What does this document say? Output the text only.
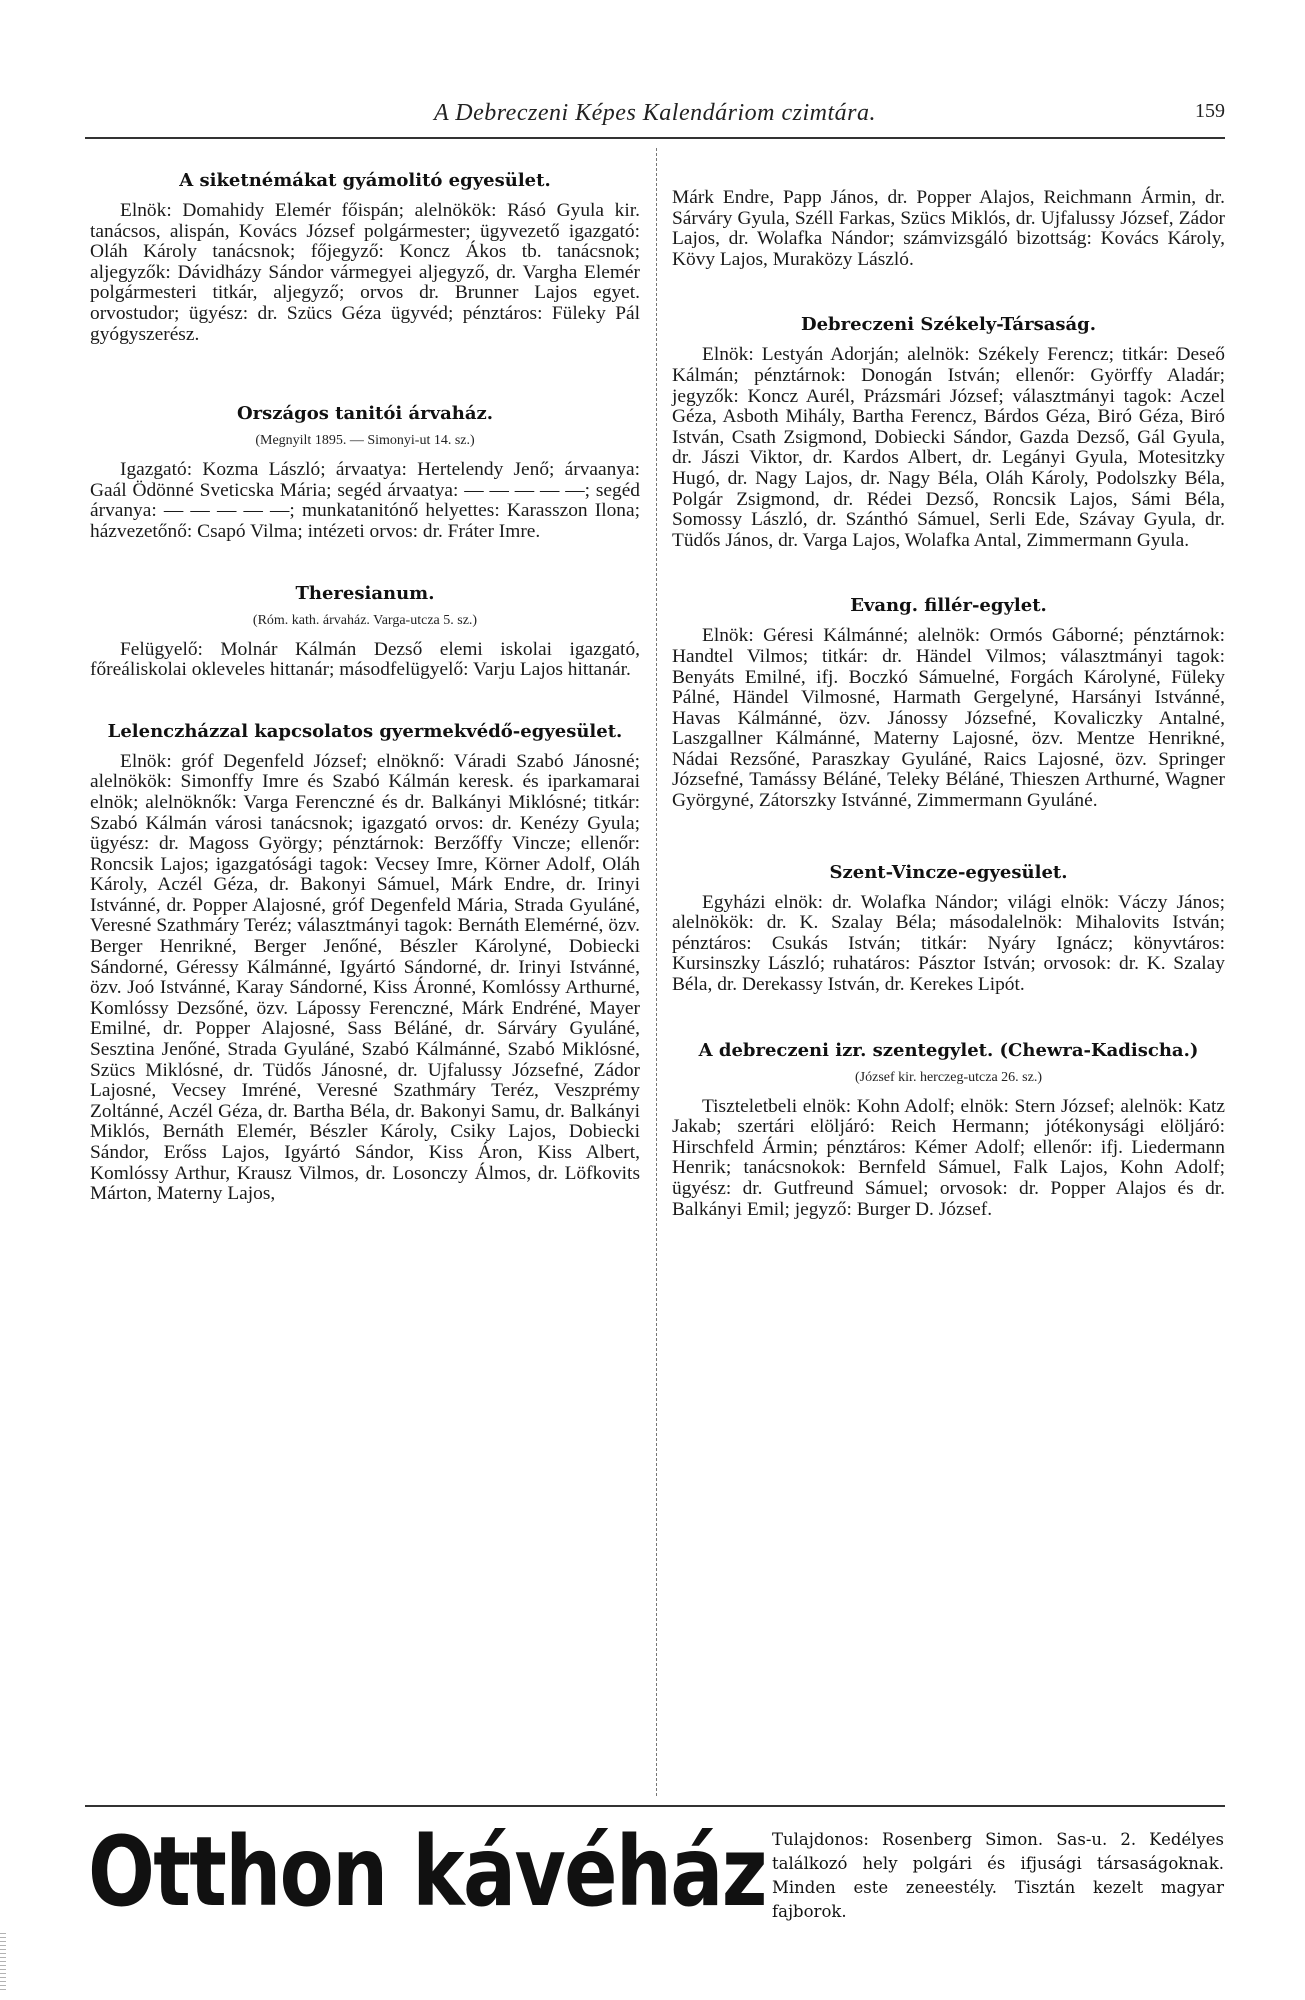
A Debreczeni Képes Kalendáriom czimtára.	159
A siketnémákat gyámolitó egyesület.

Elnök: Domahidy Elemér főispán; alelnökök: Rásó Gyula kir. tanácsos, alispán, Kovács József polgármester; ügyvezető igazgató: Oláh Károly tanácsnok; főjegyző: Koncz Ákos tb. tanácsnok; aljegyzők: Dávidházy Sándor vármegyei aljegyző, dr. Vargha Elemér polgármesteri titkár, aljegyző; orvos dr. Brunner Lajos egyet. orvostudor; ügyész: dr. Szücs Géza ügyvéd; pénztáros: Füleky Pál gyógyszerész.

Országos tanitói árvaház.
(Megnyilt 1895. — Simonyi-ut 14. sz.)

Igazgató: Kozma László; árvaatya: Hertelendy Jenő; árvaanya: Gaál Ödönné Sveticska Mária; segéd árvaatya: — — — — —; segéd árvanya: — — — — —; munkatanitónő helyettes: Karasszon Ilona; házvezetőnő: Csapó Vilma; intézeti orvos: dr. Fráter Imre.

Theresianum.
(Róm. kath. árvaház. Varga-utcza 5. sz.)

Felügyelő: Molnár Kálmán Dezső elemi iskolai igazgató, főreáliskolai okleveles hittanár; másodfelügyelő: Varju Lajos hittanár.

Lelenczházzal kapcsolatos gyermekvédő-egyesület.

Elnök: gróf Degenfeld József; elnöknő: Váradi Szabó Jánosné; alelnökök: Simonffy Imre és Szabó Kálmán keresk. és iparkamarai elnök; alelnöknők: Varga Ferenczné és dr. Balkányi Miklósné; titkár: Szabó Kálmán városi tanácsnok; igazgató orvos: dr. Kenézy Gyula; ügyész: dr. Magoss György; pénztárnok: Berzőffy Vincze; ellenőr: Roncsik Lajos; igazgatósági tagok: Vecsey Imre, Körner Adolf, Oláh Károly, Aczél Géza, dr. Bakonyi Sámuel, Márk Endre, dr. Irinyi Istvánné, dr. Popper Alajosné, gróf Degenfeld Mária, Strada Gyuláné, Veresné Szathmáry Teréz; választmányi tagok: Bernáth Elemérné, özv. Berger Henrikné, Berger Jenőné, Bészler Károlyné, Dobiecki Sándorné, Géressy Kálmánné, Igyártó Sándorné, dr. Irinyi Istvánné, özv. Joó Istvánné, Karay Sándorné, Kiss Áronné, Komlóssy Arthurné, Komlóssy Dezsőné, özv. Lápossy Ferenczné, Márk Endréné, Mayer Emilné, dr. Popper Alajosné, Sass Béláné, dr. Sárváry Gyuláné, Sesztina Jenőné, Strada Gyuláné, Szabó Kálmánné, Szabó Miklósné, Szücs Miklósné, dr. Tüdős Jánosné, dr. Ujfalussy Józsefné, Zádor Lajosné, Vecsey Imréné, Veresné Szathmáry Teréz, Veszprémy Zoltánné, Aczél Géza, dr. Bartha Béla, dr. Bakonyi Samu, dr. Balkányi Miklós, Bernáth Elemér, Bészler Károly, Csiky Lajos, Dobiecki Sándor, Erőss Lajos, Igyártó Sándor, Kiss Áron, Kiss Albert, Komlóssy Arthur, Krausz Vilmos, dr. Losonczy Álmos, dr. Löfkovits Márton, Materny Lajos,

Márk Endre, Papp János, dr. Popper Alajos, Reichmann Ármin, dr. Sárváry Gyula, Széll Farkas, Szücs Miklós, dr. Ujfalussy József, Zádor Lajos, dr. Wolafka Nándor; számvizsgáló bizottság: Kovács Károly, Kövy Lajos, Muraközy László.

Debreczeni Székely-Társaság.

Elnök: Lestyán Adorján; alelnök: Székely Ferencz; titkár: Deseő Kálmán; pénztárnok: Donogán István; ellenőr: Györffy Aladár; jegyzők: Koncz Aurél, Prázsmári József; választmányi tagok: Aczel Géza, Asboth Mihály, Bartha Ferencz, Bárdos Géza, Biró Géza, Biró István, Csath Zsigmond, Dobiecki Sándor, Gazda Dezső, Gál Gyula, dr. Jászi Viktor, dr. Kardos Albert, dr. Legányi Gyula, Motesitzky Hugó, dr. Nagy Lajos, dr. Nagy Béla, Oláh Károly, Podolszky Béla, Polgár Zsigmond, dr. Rédei Dezső, Roncsik Lajos, Sámi Béla, Somossy László, dr. Szánthó Sámuel, Serli Ede, Szávay Gyula, dr. Tüdős János, dr. Varga Lajos, Wolafka Antal, Zimmermann Gyula.

Evang. fillér-egylet.

Elnök: Géresi Kálmánné; alelnök: Ormós Gáborné; pénztárnok: Handtel Vilmos; titkár: dr. Händel Vilmos; választmányi tagok: Benyáts Emilné, ifj. Boczkó Sámuelné, Forgách Károlyné, Füleky Pálné, Händel Vilmosné, Harmath Gergelyné, Harsányi Istvánné, Havas Kálmánné, özv. Jánossy Józsefné, Kovaliczky Antalné, Laszgallner Kálmánné, Materny Lajosné, özv. Mentze Henrikné, Nádai Rezsőné, Paraszkay Gyuláné, Raics Lajosné, özv. Springer Józsefné, Tamássy Béláné, Teleky Béláné, Thieszen Arthurné, Wagner Györgyné, Zátorszky Istvánné, Zimmermann Gyuláné.

Szent-Vincze-egyesület.

Egyházi elnök: dr. Wolafka Nándor; világi elnök: Váczy János; alelnökök: dr. K. Szalay Béla; másodalelnök: Mihalovits István; pénztáros: Csukás István; titkár: Nyáry Ignácz; könyvtáros: Kursinszky László; ruhatáros: Pásztor István; orvosok: dr. K. Szalay Béla, dr. Derekassy István, dr. Kerekes Lipót.

A debreczeni izr. szentegylet. (Chewra-Kadischa.)
(József kir. herczeg-utcza 26. sz.)

Tiszteletbeli elnök: Kohn Adolf; elnök: Stern József; alelnök: Katz Jakab; szertári elöljáró: Reich Hermann; jótékonysági elöljáró: Hirschfeld Ármin; pénztáros: Kémer Adolf; ellenőr: ifj. Liedermann Henrik; tanácsnokok: Bernfeld Sámuel, Falk Lajos, Kohn Adolf; ügyész: dr. Gutfreund Sámuel; orvosok: dr. Popper Alajos és dr. Balkányi Emil; jegyző: Burger D. József.

Otthon kávéház Tulajdonos: Rosenberg Simon. Sas-u. 2. Kedélyes találkozó hely polgári és ifjusági társaságoknak. Minden este zeneestély. Tisztán kezelt magyar fajborok.
